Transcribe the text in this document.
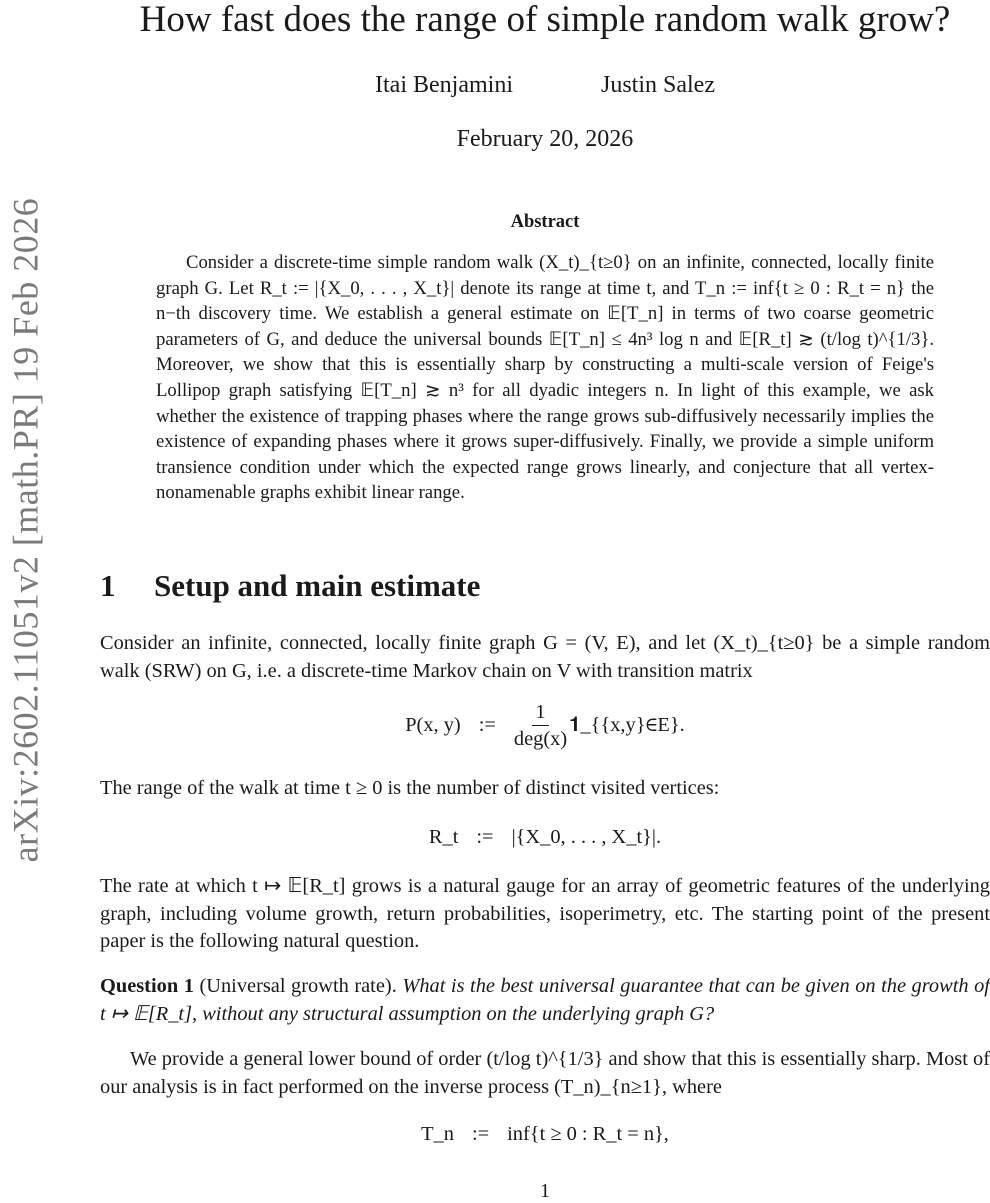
arXiv:2602.11051v2 [math.PR] 19 Feb 2026
How fast does the range of simple random walk grow?
Itai Benjamini	Justin Salez
February 20, 2026
Abstract

Consider a discrete-time simple random walk (X_t)_{t≥0} on an infinite, connected, locally finite graph G. Let R_t := |{X_0, . . . , X_t}| denote its range at time t, and T_n := inf{t ≥ 0 : R_t = n} the n−th discovery time. We establish a general estimate on 𝔼[T_n] in terms of two coarse geometric parameters of G, and deduce the universal bounds 𝔼[T_n] ≤ 4n³ log n and 𝔼[R_t] ≳ (t/log t)^{1/3}. Moreover, we show that this is essentially sharp by constructing a multi-scale version of Feige's Lollipop graph satisfying 𝔼[T_n] ≳ n³ for all dyadic integers n. In light of this example, we ask whether the existence of trapping phases where the range grows sub-diffusively necessarily implies the existence of expanding phases where it grows super-diffusively. Finally, we provide a simple uniform transience condition under which the expected range grows linearly, and conjecture that all vertex-nonamenable graphs exhibit linear range.

1 Setup and main estimate

Consider an infinite, connected, locally finite graph G = (V, E), and let (X_t)_{t≥0} be a simple random walk (SRW) on G, i.e. a discrete-time Markov chain on V with transition matrix

P(x, y) := $\frac{1}{\text{deg(x)}}$ 𝟏_{{x,y}∈E}.

The range of the walk at time t ≥ 0 is the number of distinct visited vertices:

R_t := |{X_0, . . . , X_t}|.

The rate at which t ↦ 𝔼[R_t] grows is a natural gauge for an array of geometric features of the underlying graph, including volume growth, return probabilities, isoperimetry, etc. The starting point of the present paper is the following natural question.

Question 1 (Universal growth rate). What is the best universal guarantee that can be given on the growth of t ↦ 𝔼[R_t], without any structural assumption on the underlying graph G?

We provide a general lower bound of order (t/log t)^{1/3} and show that this is essentially sharp. Most of our analysis is in fact performed on the inverse process (T_n)_{n≥1}, where

T_n := inf{t ≥ 0 : R_t = n},
1
